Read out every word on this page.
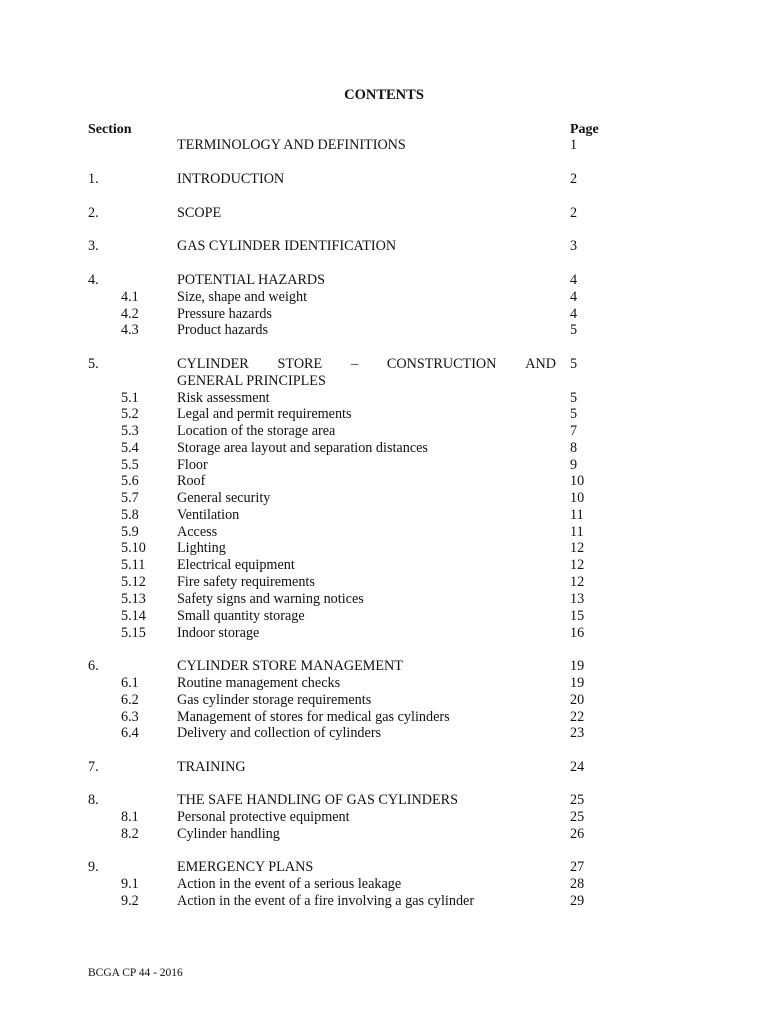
CONTENTS
Section	Page
TERMINOLOGY AND DEFINITIONS	1
1.	INTRODUCTION	2
2.	SCOPE	2
3.	GAS CYLINDER IDENTIFICATION	3
4.	POTENTIAL HAZARDS	4
4.1	Size, shape and weight	4
4.2	Pressure hazards	4
4.3	Product hazards	5
5.	CYLINDER STORE – CONSTRUCTION AND 5
GENERAL PRINCIPLES
5.1	Risk assessment	5
5.2	Legal and permit requirements	5
5.3	Location of the storage area	7
5.4	Storage area layout and separation distances	8
5.5	Floor	9
5.6	Roof	10
5.7	General security	10
5.8	Ventilation	11
5.9	Access	11
5.10 Lighting	12
5.11 Electrical equipment	12
5.12 Fire safety requirements	12
5.13 Safety signs and warning notices	13
5.14 Small quantity storage	15
5.15 Indoor storage	16
6.	CYLINDER STORE MANAGEMENT	19
6.1	Routine management checks	19
6.2	Gas cylinder storage requirements	20
6.3	Management of stores for medical gas cylinders	22
6.4	Delivery and collection of cylinders	23
7.	TRAINING	24
8.	THE SAFE HANDLING OF GAS CYLINDERS	25
8.1	Personal protective equipment	25
8.2	Cylinder handling	26
9.	EMERGENCY PLANS	27
9.1	Action in the event of a serious leakage	28
9.2	Action in the event of a fire involving a gas cylinder	29
BCGA CP 44 - 2016
